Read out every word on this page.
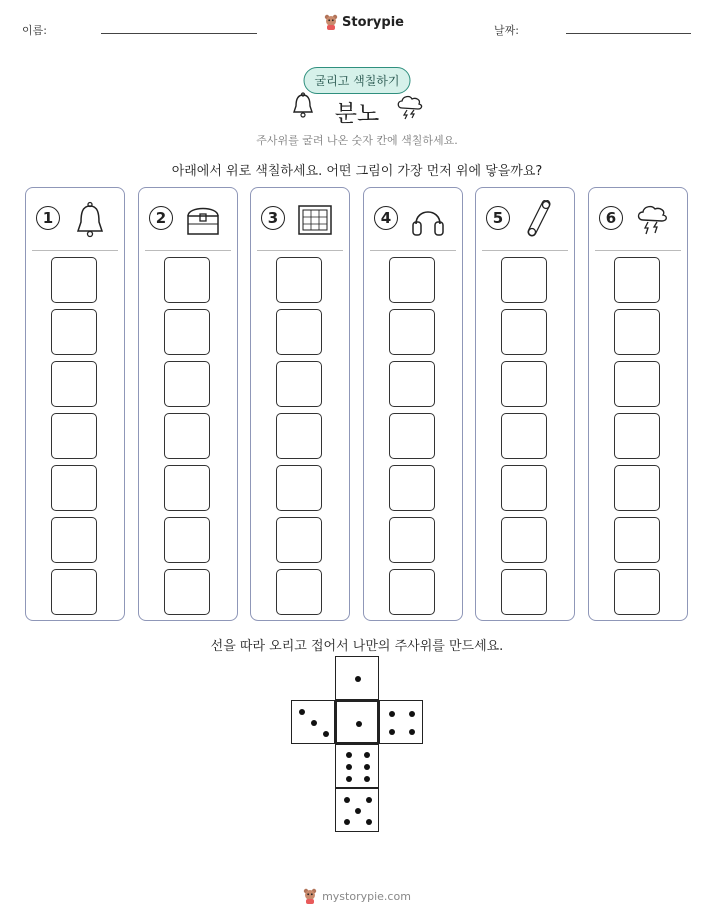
이름:
Storypie
날짜:
굴리고 색칠하기
분노
주사위를 굴려 나온 숫자 칸에 색칠하세요.
아래에서 위로 색칠하세요. 어떤 그림이 가장 먼저 위에 닿을까요?
1	2	3	4	5	6
선을 따라 오리고 접어서 나만의 주사위를 만드세요.
mystorypie.com
